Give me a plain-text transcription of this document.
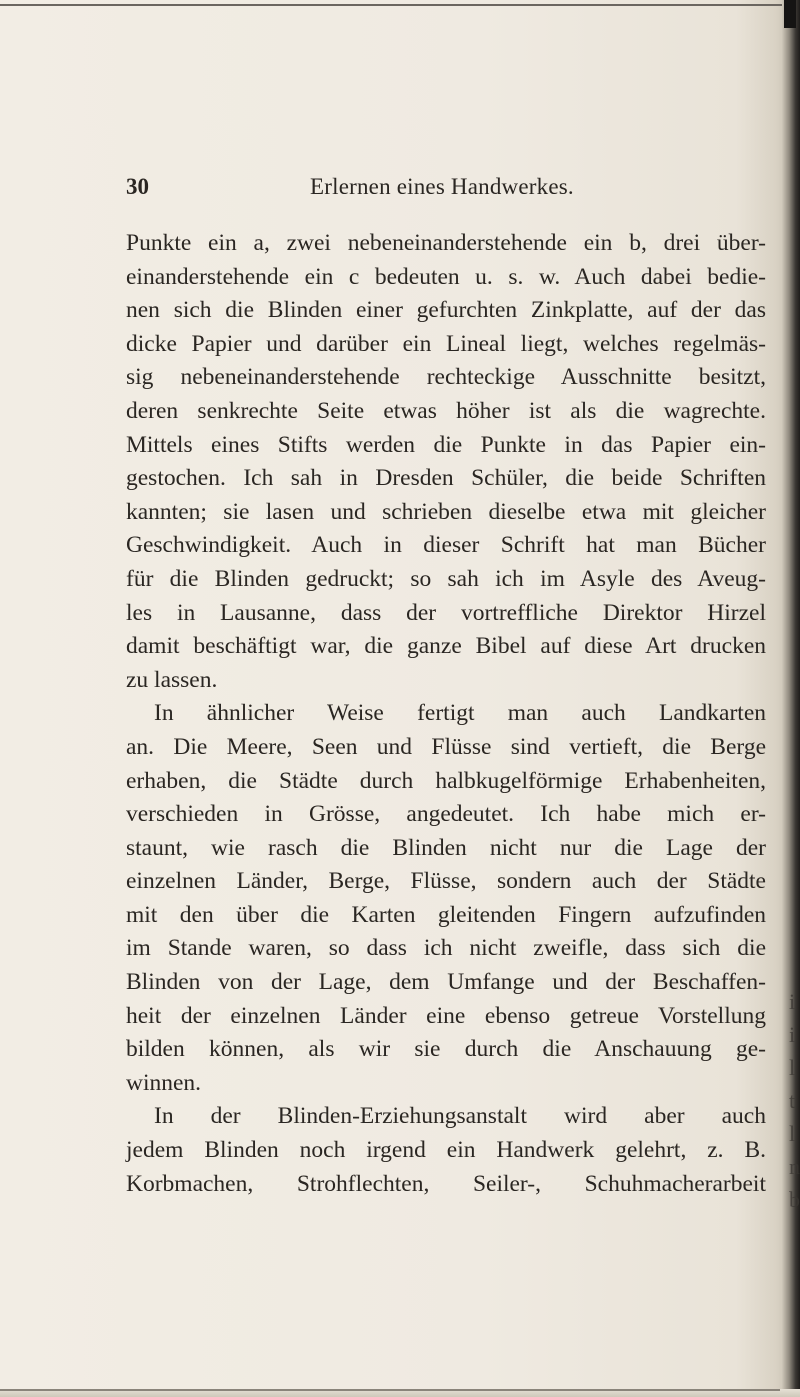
i
i
l
t
l
n
b
30	Erlernen eines Handwerkes.
Punkte ein a, zwei nebeneinanderstehende ein b, drei über-
einanderstehende ein c bedeuten u. s. w. Auch dabei bedie-
nen sich die Blinden einer gefurchten Zinkplatte, auf der das
dicke Papier und darüber ein Lineal liegt, welches regelmäs-
sig nebeneinanderstehende rechteckige Ausschnitte besitzt,
deren senkrechte Seite etwas höher ist als die wagrechte.
Mittels eines Stifts werden die Punkte in das Papier ein-
gestochen. Ich sah in Dresden Schüler, die beide Schriften
kannten; sie lasen und schrieben dieselbe etwa mit gleicher
Geschwindigkeit. Auch in dieser Schrift hat man Bücher
für die Blinden gedruckt; so sah ich im Asyle des Aveug-
les in Lausanne, dass der vortreffliche Direktor Hirzel
damit beschäftigt war, die ganze Bibel auf diese Art drucken
zu lassen.
In ähnlicher Weise fertigt man auch Landkarten
an. Die Meere, Seen und Flüsse sind vertieft, die Berge
erhaben, die Städte durch halbkugelförmige Erhabenheiten,
verschieden in Grösse, angedeutet. Ich habe mich er-
staunt, wie rasch die Blinden nicht nur die Lage der
einzelnen Länder, Berge, Flüsse, sondern auch der Städte
mit den über die Karten gleitenden Fingern aufzufinden
im Stande waren, so dass ich nicht zweifle, dass sich die
Blinden von der Lage, dem Umfange und der Beschaffen-
heit der einzelnen Länder eine ebenso getreue Vorstellung
bilden können, als wir sie durch die Anschauung ge-
winnen.
In der Blinden-Erziehungsanstalt wird aber auch
jedem Blinden noch irgend ein Handwerk gelehrt, z. B.
Korbmachen, Strohflechten, Seiler-, Schuhmacherarbeit
